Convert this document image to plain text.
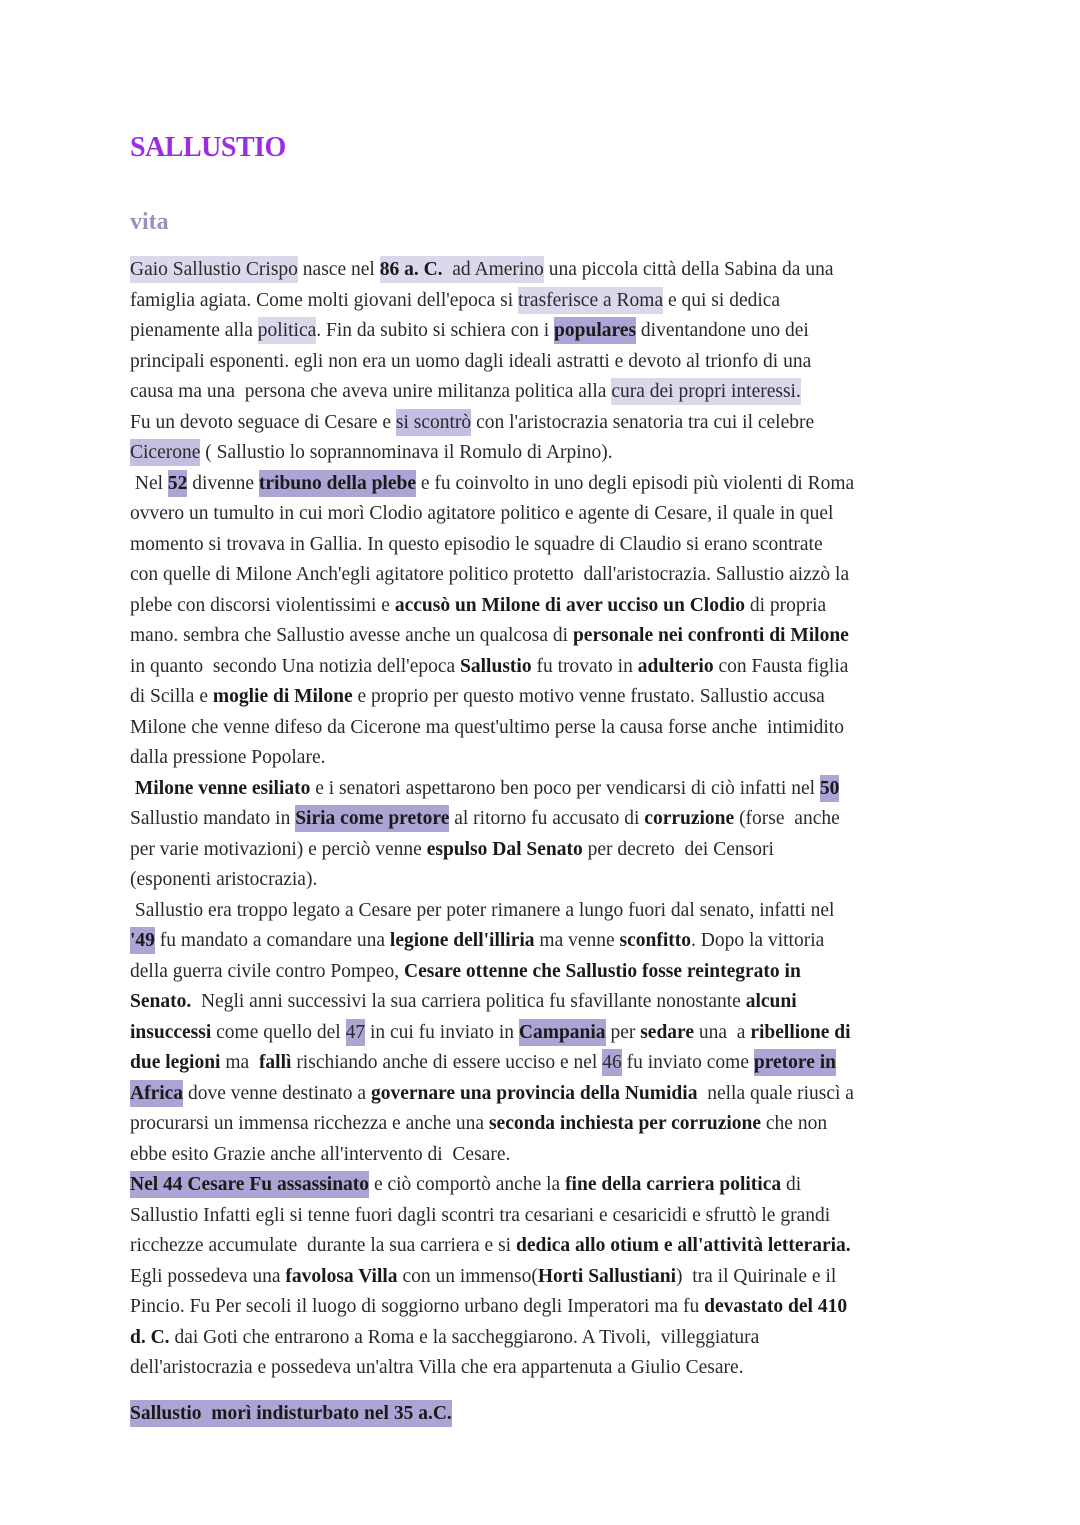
SALLUSTIO
vita
Gaio Sallustio Crispo nasce nel 86 a. C.  ad Amerino una piccola città della Sabina da una
famiglia agiata. Come molti giovani dell'epoca si trasferisce a Roma e qui si dedica
pienamente alla politica. Fin da subito si schiera con i populares diventandone uno dei
principali esponenti. egli non era un uomo dagli ideali astratti e devoto al trionfo di una
causa ma una  persona che aveva unire militanza politica alla cura dei propri interessi.
Fu un devoto seguace di Cesare e si scontrò con l'aristocrazia senatoria tra cui il celebre
Cicerone ( Sallustio lo soprannominava il Romulo di Arpino).
Nel 52 divenne tribuno della plebe e fu coinvolto in uno degli episodi più violenti di Roma
ovvero un tumulto in cui morì Clodio agitatore politico e agente di Cesare, il quale in quel
momento si trovava in Gallia. In questo episodio le squadre di Claudio si erano scontrate
con quelle di Milone Anch'egli agitatore politico protetto  dall'aristocrazia. Sallustio aizzò la
plebe con discorsi violentissimi e accusò un Milone di aver ucciso un Clodio di propria
mano. sembra che Sallustio avesse anche un qualcosa di personale nei confronti di Milone
in quanto  secondo Una notizia dell'epoca Sallustio fu trovato in adulterio con Fausta figlia
di Scilla e moglie di Milone e proprio per questo motivo venne frustato. Sallustio accusa
Milone che venne difeso da Cicerone ma quest'ultimo perse la causa forse anche  intimidito
dalla pressione Popolare.
Milone venne esiliato e i senatori aspettarono ben poco per vendicarsi di ciò infatti nel 50
Sallustio mandato in Siria come pretore al ritorno fu accusato di corruzione (forse  anche
per varie motivazioni) e perciò venne espulso Dal Senato per decreto  dei Censori
(esponenti aristocrazia).
Sallustio era troppo legato a Cesare per poter rimanere a lungo fuori dal senato, infatti nel
'49 fu mandato a comandare una legione dell'illiria ma venne sconfitto. Dopo la vittoria
della guerra civile contro Pompeo, Cesare ottenne che Sallustio fosse reintegrato in
Senato.  Negli anni successivi la sua carriera politica fu sfavillante nonostante alcuni
insuccessi come quello del 47 in cui fu inviato in Campania per sedare una  a ribellione di
due legioni ma  fallì rischiando anche di essere ucciso e nel 46 fu inviato come pretore in
Africa dove venne destinato a governare una provincia della Numidia  nella quale riuscì a
procurarsi un immensa ricchezza e anche una seconda inchiesta per corruzione che non
ebbe esito Grazie anche all'intervento di  Cesare.
Nel 44 Cesare Fu assassinato e ciò comportò anche la fine della carriera politica di
Sallustio Infatti egli si tenne fuori dagli scontri tra cesariani e cesaricidi e sfruttò le grandi
ricchezze accumulate  durante la sua carriera e si dedica allo otium e all'attività letteraria.
Egli possedeva una favolosa Villa con un immenso(Horti Sallustiani)  tra il Quirinale e il
Pincio. Fu Per secoli il luogo di soggiorno urbano degli Imperatori ma fu devastato del 410
d. C. dai Goti che entrarono a Roma e la saccheggiarono. A Tivoli,  villeggiatura
dell'aristocrazia e possedeva un'altra Villa che era appartenuta a Giulio Cesare.
Sallustio  morì indisturbato nel 35 a.C.
